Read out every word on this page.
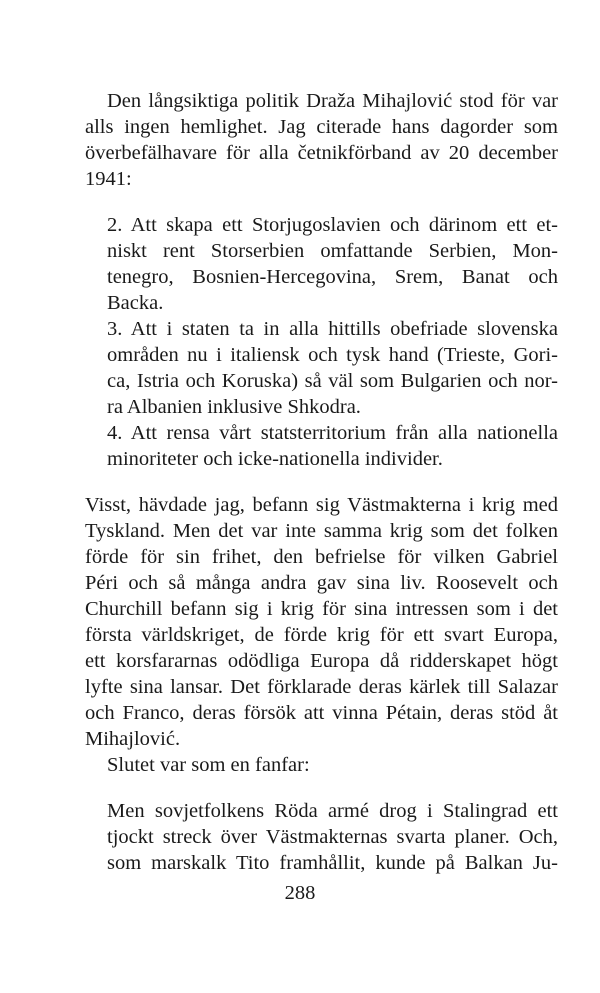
Den långsiktiga politik Draža Mihajlović stod för var
alls ingen hemlighet. Jag citerade hans dagorder som
överbefälhavare för alla četnikförband av 20 december
1941:
2. Att skapa ett Storjugoslavien och därinom ett et-
niskt rent Storserbien omfattande Serbien, Mon-
tenegro, Bosnien-Hercegovina, Srem, Banat och
Backa.
3. Att i staten ta in alla hittills obefriade slovenska
områden nu i italiensk och tysk hand (Trieste, Gori-
ca, Istria och Koruska) så väl som Bulgarien och nor-
ra Albanien inklusive Shkodra.
4. Att rensa vårt statsterritorium från alla nationella
minoriteter och icke-nationella individer.
Visst, hävdade jag, befann sig Västmakterna i krig med
Tyskland. Men det var inte samma krig som det folken
förde för sin frihet, den befrielse för vilken Gabriel
Péri och så många andra gav sina liv. Roosevelt och
Churchill befann sig i krig för sina intressen som i det
första världskriget, de förde krig för ett svart Europa,
ett korsfararnas odödliga Europa då ridderskapet högt
lyfte sina lansar. Det förklarade deras kärlek till Salazar
och Franco, deras försök att vinna Pétain, deras stöd åt
Mihajlović.
Slutet var som en fanfar:
Men sovjetfolkens Röda armé drog i Stalingrad ett
tjockt streck över Västmakternas svarta planer. Och,
som marskalk Tito framhållit, kunde på Balkan Ju-
288
